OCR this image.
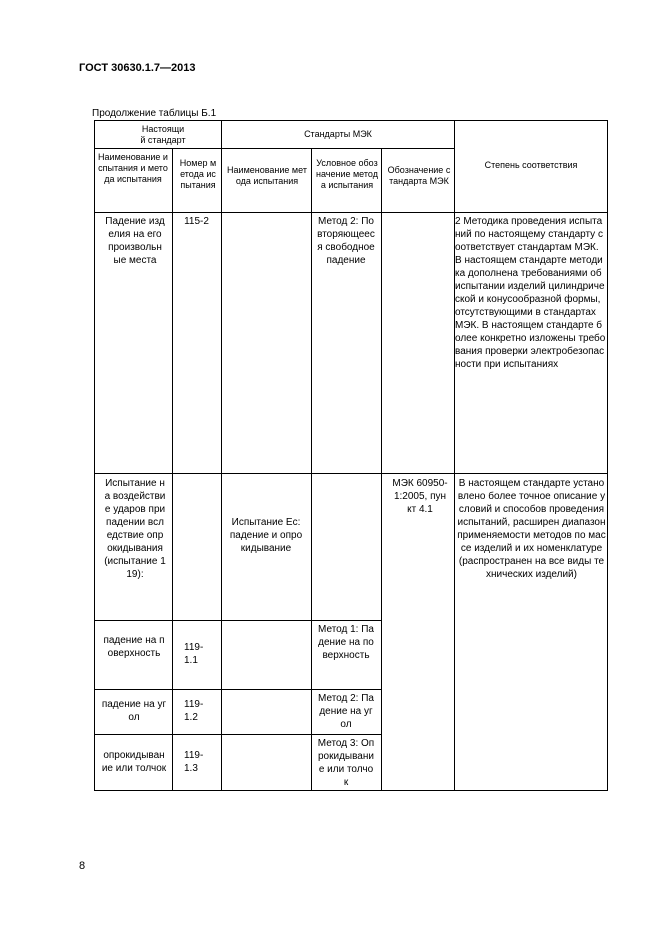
ГОСТ 30630.1.7—2013
Продолжение таблицы Б.1
Настоящий стандарт
Стандарты МЭК
Степень соответствия
Наименование испытания и метода испытания
Номер метода испытания
Наименование метода испытания
Условное обозначение метода испытания
Обозначение стандарта МЭК
Падение изделия на его произвольные места
115-2	Метод 2: Повторяющееся свободное падение
2 Методика проведения испытаний по настоящему стандарту соответствует стандартам МЭК. В настоящем стандарте методика дополнена требованиями об испытании изделий цилиндрической и конусообразной формы, отсутствующими в стандартах МЭК. В настоящем стандарте более конкретно изложены требования проверки электробезопасности при испытаниях
Испытание на воздействие ударов при падении вследствие опрокидывания (испытание 119):
Испытание Ec: падение и опрокидывание
МЭК 60950-1:2005, пункт 4.1
В настоящем стандарте установлено более точное описание условий и способов проведения испытаний, расширен диапазон применяемости методов по массе изделий и их номенклатуре (распространен на все виды технических изделий)
падение на поверхность
119-1.1
Метод 1: Падение на поверхность
падение на угол
119-1.2
Метод 2: Падение на угол
опрокидывание или толчок
119-1.3
Метод 3: Опрокидывание или толчок
8
